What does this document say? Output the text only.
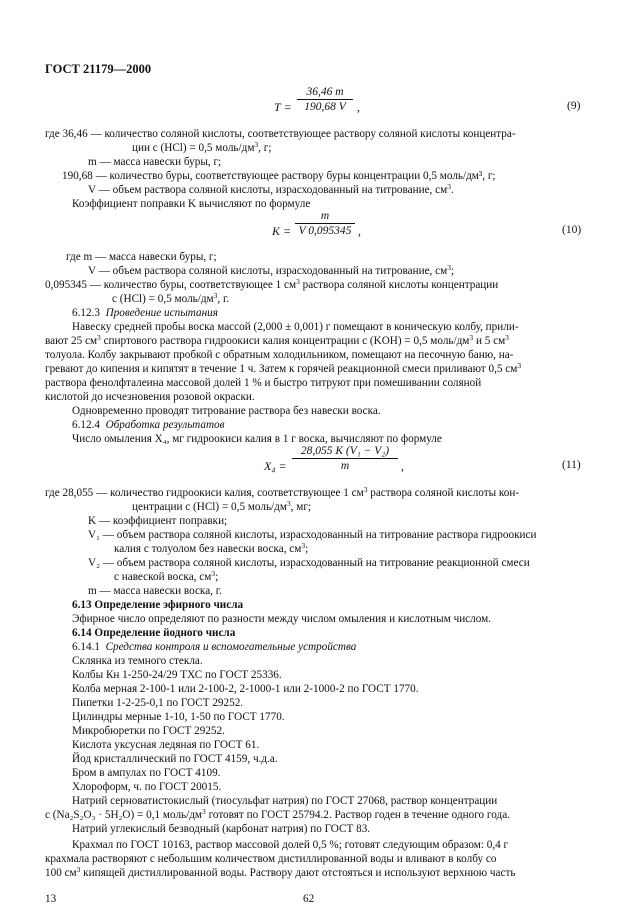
ГОСТ 21179—2000
$T = \frac{36,46 m}{190,68 V}$ ,	(9)
где 36,46 — количество соляной кислоты, соответствующее раствору соляной кислоты концентра-
ции c (HCl) = 0,5 моль/$дм^3$, г;
m — масса навески буры, г;
190,68 — количество буры, соответствующее раствору буры концентрации 0,5 моль/дм³, г;
V — объем раствора соляной кислоты, израсходованный на титрование, $см^3$.
Коэффициент поправки K вычисляют по формуле
$K = \frac{m}{V 0,095345}$ ,	(10)
где m — масса навески буры, г;
V — объем раствора соляной кислоты, израсходованный на титрование, $см^3$;
0,095345 — количество буры, соответствующее 1 $см^3$ раствора соляной кислоты концентрации
c (HCl) = 0,5 моль/$дм^3$, г.
6.12.3 Проведение испытания
Навеску средней пробы воска массой (2,000 ± 0,001) г помещают в коническую колбу, прили-
вают 25 $см^3$ спиртового раствора гидроокиси калия концентрации c (KOH) = 0,5 моль/$дм^3$ и 5 $см^3$
толуола. Колбу закрывают пробкой с обратным холодильником, помещают на песочную баню, на-
гревают до кипения и кипятят в течение 1 ч. Затем к горячей реакционной смеси приливают 0,5 $см^3$
раствора фенолфталеина массовой долей 1 % и быстро титруют при помешивании соляной
кислотой до исчезновения розовой окраски.
Одновременно проводят титрование раствора без навески воска.
6.12.4 Обработка результатов
Число омыления X₄, мг гидроокиси калия в 1 г воска, вычисляют по формуле
$X_4 = \frac{\text{28,055 K (V₁ − V₂)}}{m}$ ,	(11)
где 28,055 — количество гидроокиси калия, соответствующее 1 $см^3$ раствора соляной кислоты кон-
центрации c (HCl) = 0,5 моль/$дм^3$, мг;
K — коэффициент поправки;
V₁ — объем раствора соляной кислоты, израсходованный на титрование раствора гидроокиси
калия с толуолом без навески воска, $см^3$;
V₂ — объем раствора соляной кислоты, израсходованный на титрование реакционной смеси
с навеской воска, $см^3$;
m — масса навески воска, г.
6.13 Определение эфирного числа
Эфирное число определяют по разности между числом омыления и кислотным числом.
6.14 Определение йодного числа
6.14.1 Средства контроля и вспомогательные устройства
Склянка из темного стекла.
Колбы Кн 1-250-24/29 ТХС по ГОСТ 25336.
Колба мерная 2-100-1 или 2-100-2, 2-1000-1 или 2-1000-2 по ГОСТ 1770.
Пипетки 1-2-25-0,1 по ГОСТ 29252.
Цилиндры мерные 1-10, 1-50 по ГОСТ 1770.
Микробюретки по ГОСТ 29252.
Кислота уксусная ледяная по ГОСТ 61.
Йод кристаллический по ГОСТ 4159, ч.д.а.
Бром в ампулах по ГОСТ 4109.
Хлороформ, ч. по ГОСТ 20015.
Натрий серноватистокислый (тиосульфат натрия) по ГОСТ 27068, раствор концентрации
c (Na₂S₂O₃ · 5H₂O) = 0,1 моль/$дм^3$ готовят по ГОСТ 25794.2. Раствор годен в течение одного года.
Натрий углекислый безводный (карбонат натрия) по ГОСТ 83.
Крахмал по ГОСТ 10163, раствор массовой долей 0,5 %; готовят следующим образом: 0,4 г
крахмала растворяют с небольшим количеством дистиллированной воды и вливают в колбу со
100 $см^3$ кипящей дистиллированной воды. Раствору дают отстояться и используют верхнюю часть
13	62
